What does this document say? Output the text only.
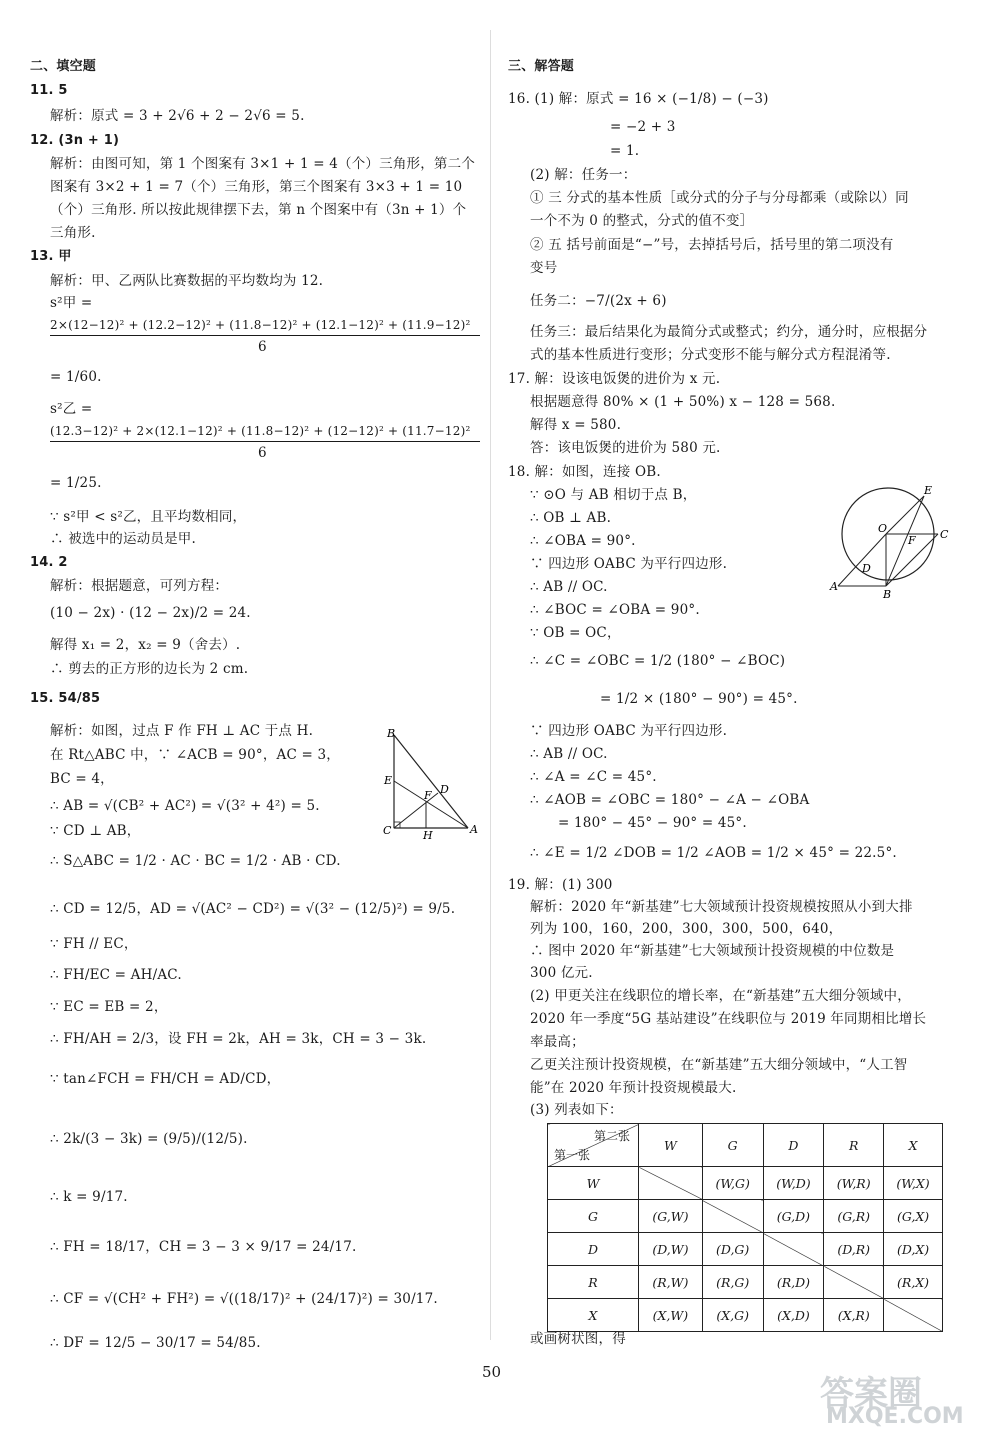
二、填空题
11. 5
解析：原式 = 3 + 2√6 + 2 − 2√6 = 5.
12. (3n + 1)
解析：由图可知，第 1 个图案有 3×1 + 1 = 4（个）三角形，第二个
图案有 3×2 + 1 = 7（个）三角形，第三个图案有 3×3 + 1 = 10
（个）三角形. 所以按此规律摆下去，第 n 个图案中有（3n + 1）个
三角形.
13. 甲
解析：甲、乙两队比赛数据的平均数均为 12.
s²甲 =
2×(12−12)² + (12.2−12)² + (11.8−12)² + (12.1−12)² + (11.9−12)²
6
= 1/60.
s²乙 =
(12.3−12)² + 2×(12.1−12)² + (11.8−12)² + (12−12)² + (11.7−12)²
6
= 1/25.
∵ s²甲 < s²乙，且平均数相同，
∴ 被选中的运动员是甲.
14. 2
解析：根据题意，可列方程：
(10 − 2x) · (12 − 2x)/2 = 24.
解得 x₁ = 2，x₂ = 9（舍去）.
∴ 剪去的正方形的边长为 2 cm.
15. 54/85
解析：如图，过点 F 作 FH ⊥ AC 于点 H.
在 Rt△ABC 中，∵ ∠ACB = 90°，AC = 3，
BC = 4，
∴ AB = √(CB² + AC²) = √(3² + 4²) = 5.
∵ CD ⊥ AB，
∴ S△ABC = 1/2 · AC · BC = 1/2 · AB · CD.
∴ CD = 12/5，AD = √(AC² − CD²) = √(3² − (12/5)²) = 9/5.
∵ FH // EC，
∴ FH/EC = AH/AC.
∵ EC = EB = 2，
∴ FH/AH = 2/3，设 FH = 2k，AH = 3k，CH = 3 − 3k.
∵ tan∠FCH = FH/CH = AD/CD，
∴ 2k/(3 − 3k) = (9/5)/(12/5).
∴ k = 9/17.
∴ FH = 18/17，CH = 3 − 3 × 9/17 = 24/17.
∴ CF = √(CH² + FH²) = √((18/17)² + (24/17)²) = 30/17.
∴ DF = 12/5 − 30/17 = 54/85.
B
E
F D
C	H	A
三、解答题
16. (1) 解：原式 = 16 × (−1/8) − (−3)
= −2 + 3
= 1.
(2) 解：任务一：
① 三 分式的基本性质［或分式的分子与分母都乘（或除以）同
一个不为 0 的整式，分式的值不变］
② 五 括号前面是“−”号，去掉括号后，括号里的第二项没有
变号
任务二：−7/(2x + 6)
任务三：最后结果化为最简分式或整式；约分，通分时，应根据分
式的基本性质进行变形；分式变形不能与解分式方程混淆等.
17. 解：设该电饭煲的进价为 x 元.
根据题意得 80% × (1 + 50%) x − 128 = 568.
解得 x = 580.
答：该电饭煲的进价为 580 元.
18. 解：如图，连接 OB.
∵ ⊙O 与 AB 相切于点 B，
∴ OB ⊥ AB.
∴ ∠OBA = 90°.
∵ 四边形 OABC 为平行四边形.
∴ AB // OC.
∴ ∠BOC = ∠OBA = 90°.
∵ OB = OC，
∴ ∠C = ∠OBC = 1/2 (180° − ∠BOC)
= 1/2 × (180° − 90°) = 45°.
∵ 四边形 OABC 为平行四边形.
∴ AB // OC.
∴ ∠A = ∠C = 45°.
∴ ∠AOB = ∠OBC = 180° − ∠A − ∠OBA
= 180° − 45° − 90° = 45°.
∴ ∠E = 1/2 ∠DOB = 1/2 ∠AOB = 1/2 × 45° = 22.5°.
19. 解：(1) 300
解析：2020 年“新基建”七大领域预计投资规模按照从小到大排
列为 100，160，200，300，300，500，640，
∴ 图中 2020 年“新基建”七大领域预计投资规模的中位数是
300 亿元.
(2) 甲更关注在线职位的增长率，在“新基建”五大细分领域中，
2020 年一季度“5G 基站建设”在线职位与 2019 年同期相比增长
率最高；
乙更关注预计投资规模，在“新基建”五大细分领域中，“人工智
能”在 2020 年预计投资规模最大.
(3) 列表如下：
或画树状图，得
E
O	C
F
D
A
B
第二张
第一张	W	G	D	R	X
W		(W,G)	(W,D)	(W,R)	(W,X)
G	(G,W)		(G,D)	(G,R)	(G,X)
D	(D,W)	(D,G)		(D,R)	(D,X)
R	(R,W)	(R,G)	(R,D)		(R,X)
X	(X,W)	(X,G)	(X,D)	(X,R)	
50
答案圈
MXQE.COM
